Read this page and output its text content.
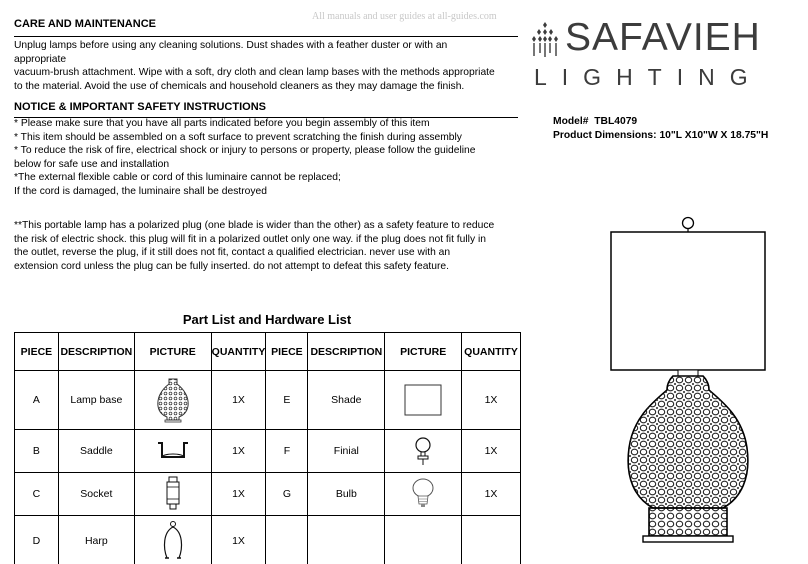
All manuals and user guides at all-guides.com
CARE AND MAINTENANCE
Unplug lamps before using any cleaning solutions. Dust shades with a feather duster or with an
appropriate
vacuum-brush attachment. Wipe with a soft, dry cloth and clean lamp bases with the methods appropriate
to the material. Avoid the use of chemicals and household cleaners as they may damage the finish.
NOTICE & IMPORTANT SAFETY INSTRUCTIONS
* Please make sure that you have all parts indicated before you begin assembly of this item
* This item should be assembled on a soft surface to prevent scratching the finish during assembly
* To reduce the risk of fire, electrical shock or injury to persons or property, please follow the guideline
below for safe use and installation
*The external flexible cable or cord of this luminaire cannot be replaced;
If the cord is damaged, the luminaire shall be destroyed
**This portable lamp has a polarized plug (one blade is wider than the other) as a safety feature to reduce
the risk of electric shock. this plug will fit in a polarized outlet only one way. if the plug does not fit fully in
the outlet, reverse the plug, if it still does not fit, contact a qualified electrician. never use with an
extension cord unless the plug can be fully inserted. do not attempt to defeat this safety feature.
SAFAVIEH
LIGHTING
Model# TBL4079
Product Dimensions: 10"L X10"W X 18.75"H
Part List and Hardware List
PIECE	DESCRIPTION	PICTURE	QUANTITY	PIECE	DESCRIPTION	PICTURE	QUANTITY
A	Lamp base		1X	E	Shade		1X
B	Saddle		1X	F	Finial		1X
C	Socket		1X	G	Bulb		1X
D	Harp		1X				
